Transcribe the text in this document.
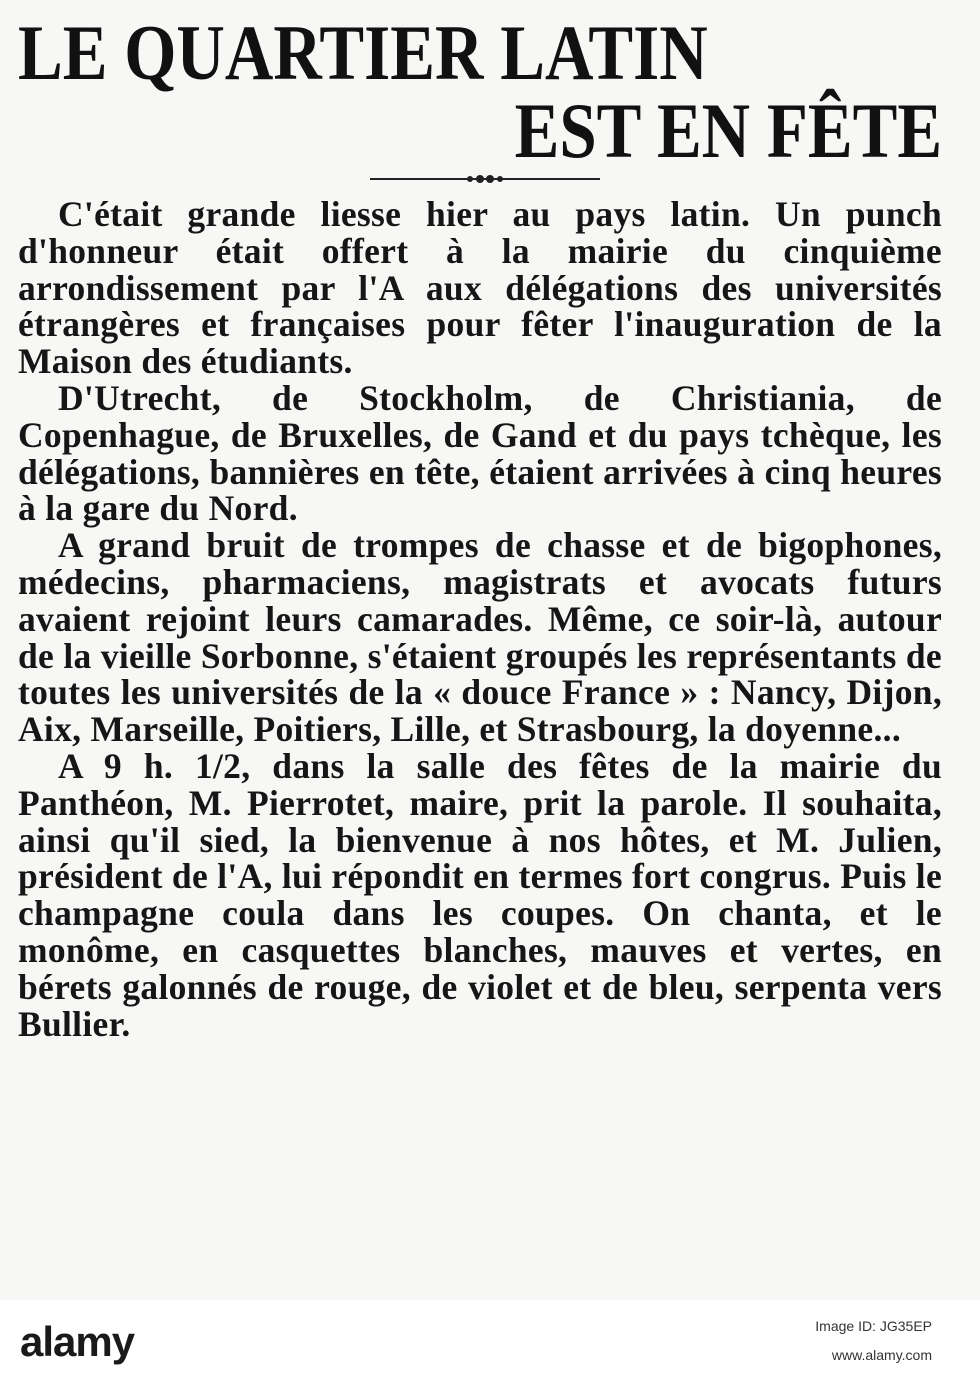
LE QUARTIER LATIN
EST EN FÊTE

C'était grande liesse hier au pays latin. Un punch d'honneur était offert à la mairie du cinquième arrondissement par l'A aux délégations des universités étrangères et françaises pour fêter l'inauguration de la Maison des étudiants.

D'Utrecht, de Stockholm, de Christiania, de Copenhague, de Bruxelles, de Gand et du pays tchèque, les délégations, bannières en tête, étaient arrivées à cinq heures à la gare du Nord.

A grand bruit de trompes de chasse et de bigophones, médecins, pharmaciens, magistrats et avocats futurs avaient rejoint leurs camarades. Même, ce soir-là, autour de la vieille Sorbonne, s'étaient groupés les représentants de toutes les universités de la « douce France » : Nancy, Dijon, Aix, Marseille, Poitiers, Lille, et Strasbourg, la doyenne...

A 9 h. 1/2, dans la salle des fêtes de la mairie du Panthéon, M. Pierrotet, maire, prit la parole. Il souhaita, ainsi qu'il sied, la bienvenue à nos hôtes, et M. Julien, président de l'A, lui répondit en termes fort congrus. Puis le champagne coula dans les coupes. On chanta, et le monôme, en casquettes blanches, mauves et vertes, en bérets galonnés de rouge, de violet et de bleu, serpenta vers Bullier.

alamy	Image ID: JG35EP
www.alamy.com
